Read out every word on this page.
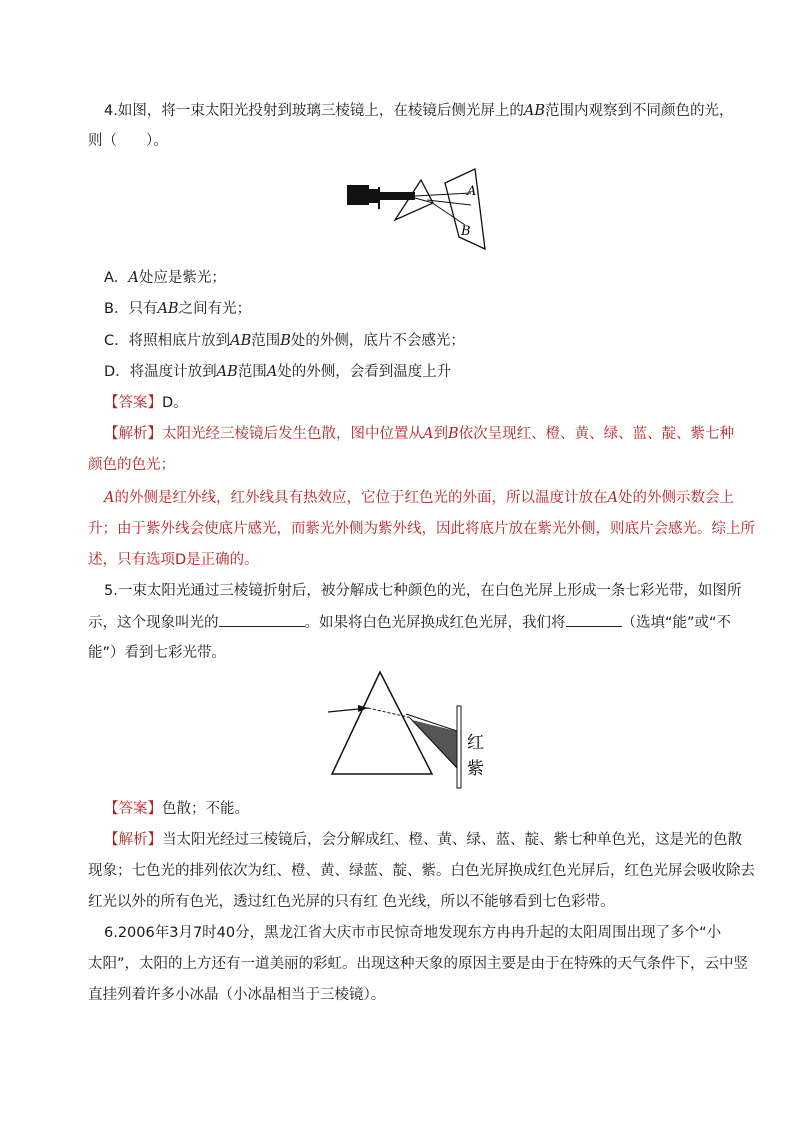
4.如图，将一束太阳光投射到玻璃三棱镜上，在棱镜后侧光屏上的AB范围内观察到不同颜色的光，
则（　　）。
A
B
A．A处应是紫光；
B．只有AB之间有光；
C．将照相底片放到AB范围B处的外侧，底片不会感光；
D．将温度计放到AB范围A处的外侧，会看到温度上升
【答案】D。
【解析】太阳光经三棱镜后发生色散，图中位置从A到B依次呈现红、橙、黄、绿、蓝、靛、紫七种
颜色的色光；
A的外侧是红外线，红外线具有热效应，它位于红色光的外面，所以温度计放在A处的外侧示数会上
升；由于紫外线会使底片感光，而紫光外侧为紫外线，因此将底片放在紫光外侧，则底片会感光。综上所
述，只有选项D是正确的。
5.一束太阳光通过三棱镜折射后，被分解成七种颜色的光，在白色光屏上形成一条七彩光带，如图所
示，这个现象叫光的	。如果将白色光屏换成红色光屏，我们将	（选填“能”或“不
能”）看到七彩光带。
红
紫
【答案】色散；不能。
【解析】当太阳光经过三棱镜后，会分解成红、橙、黄、绿、蓝、靛、紫七种单色光，这是光的色散
现象；七色光的排列依次为红、橙、黄、绿蓝、靛、紫。白色光屏换成红色光屏后，红色光屏会吸收除去
红光以外的所有色光，透过红色光屏的只有红 色光线，所以不能够看到七色彩带。
6.2006年3月7时40分，黑龙江省大庆市市民惊奇地发现东方冉冉升起的太阳周围出现了多个“小
太阳”，太阳的上方还有一道美丽的彩虹。出现这种天象的原因主要是由于在特殊的天气条件下，云中竖
直挂列着许多小冰晶（小冰晶相当于三棱镜）。
